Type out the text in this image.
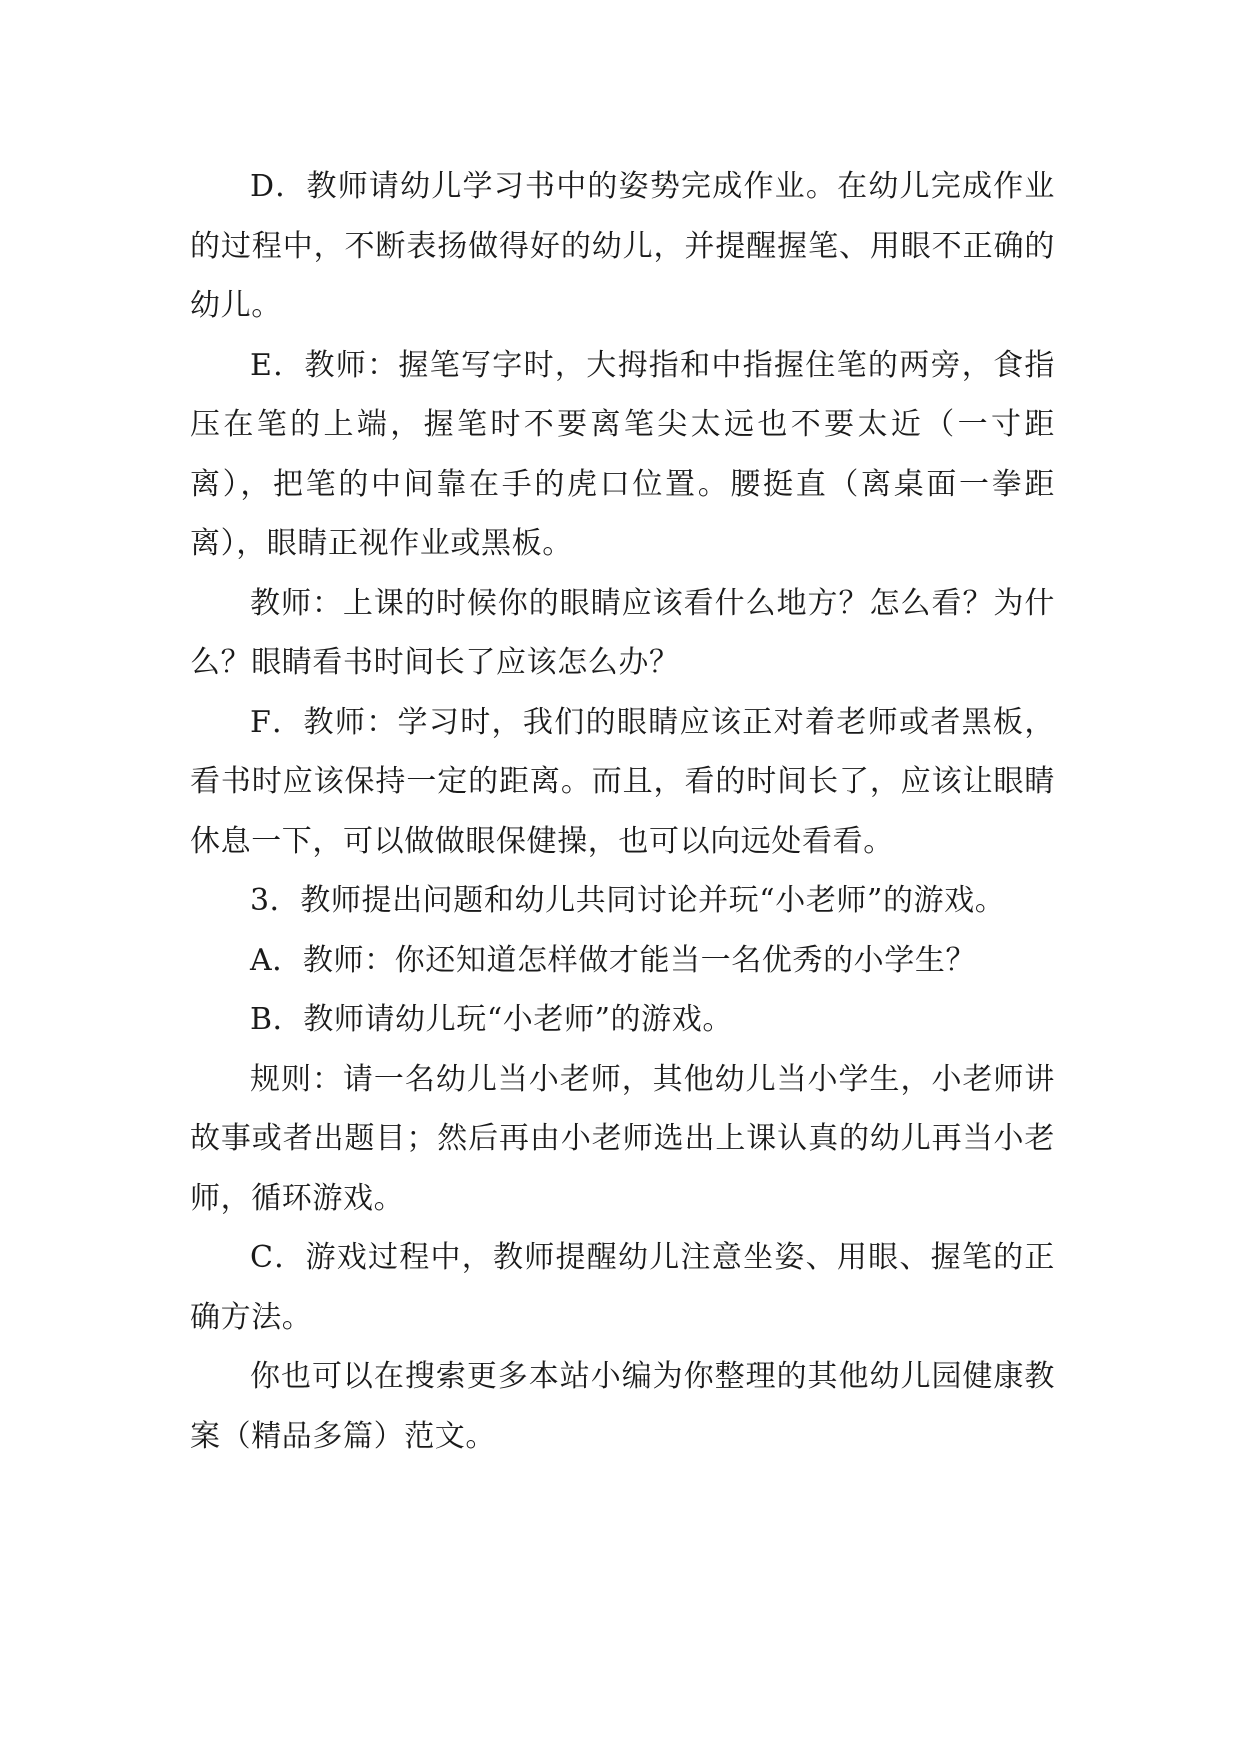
D．教师请幼儿学习书中的姿势完成作业。在幼儿完成作业的过程中，不断表扬做得好的幼儿，并提醒握笔、用眼不正确的幼儿。

E．教师：握笔写字时，大拇指和中指握住笔的两旁，食指压在笔的上端，握笔时不要离笔尖太远也不要太近（一寸距离），把笔的中间靠在手的虎口位置。腰挺直（离桌面一拳距离），眼睛正视作业或黑板。

教师：上课的时候你的眼睛应该看什么地方？怎么看？为什么？眼睛看书时间长了应该怎么办？

F．教师：学习时，我们的眼睛应该正对着老师或者黑板，看书时应该保持一定的距离。而且，看的时间长了，应该让眼睛休息一下，可以做做眼保健操，也可以向远处看看。

3．教师提出问题和幼儿共同讨论并玩“小老师”的游戏。

A．教师：你还知道怎样做才能当一名优秀的小学生？

B．教师请幼儿玩“小老师”的游戏。

规则：请一名幼儿当小老师，其他幼儿当小学生，小老师讲故事或者出题目；然后再由小老师选出上课认真的幼儿再当小老师，循环游戏。

C．游戏过程中，教师提醒幼儿注意坐姿、用眼、握笔的正确方法。

你也可以在搜索更多本站小编为你整理的其他幼儿园健康教案（精品多篇）范文。
